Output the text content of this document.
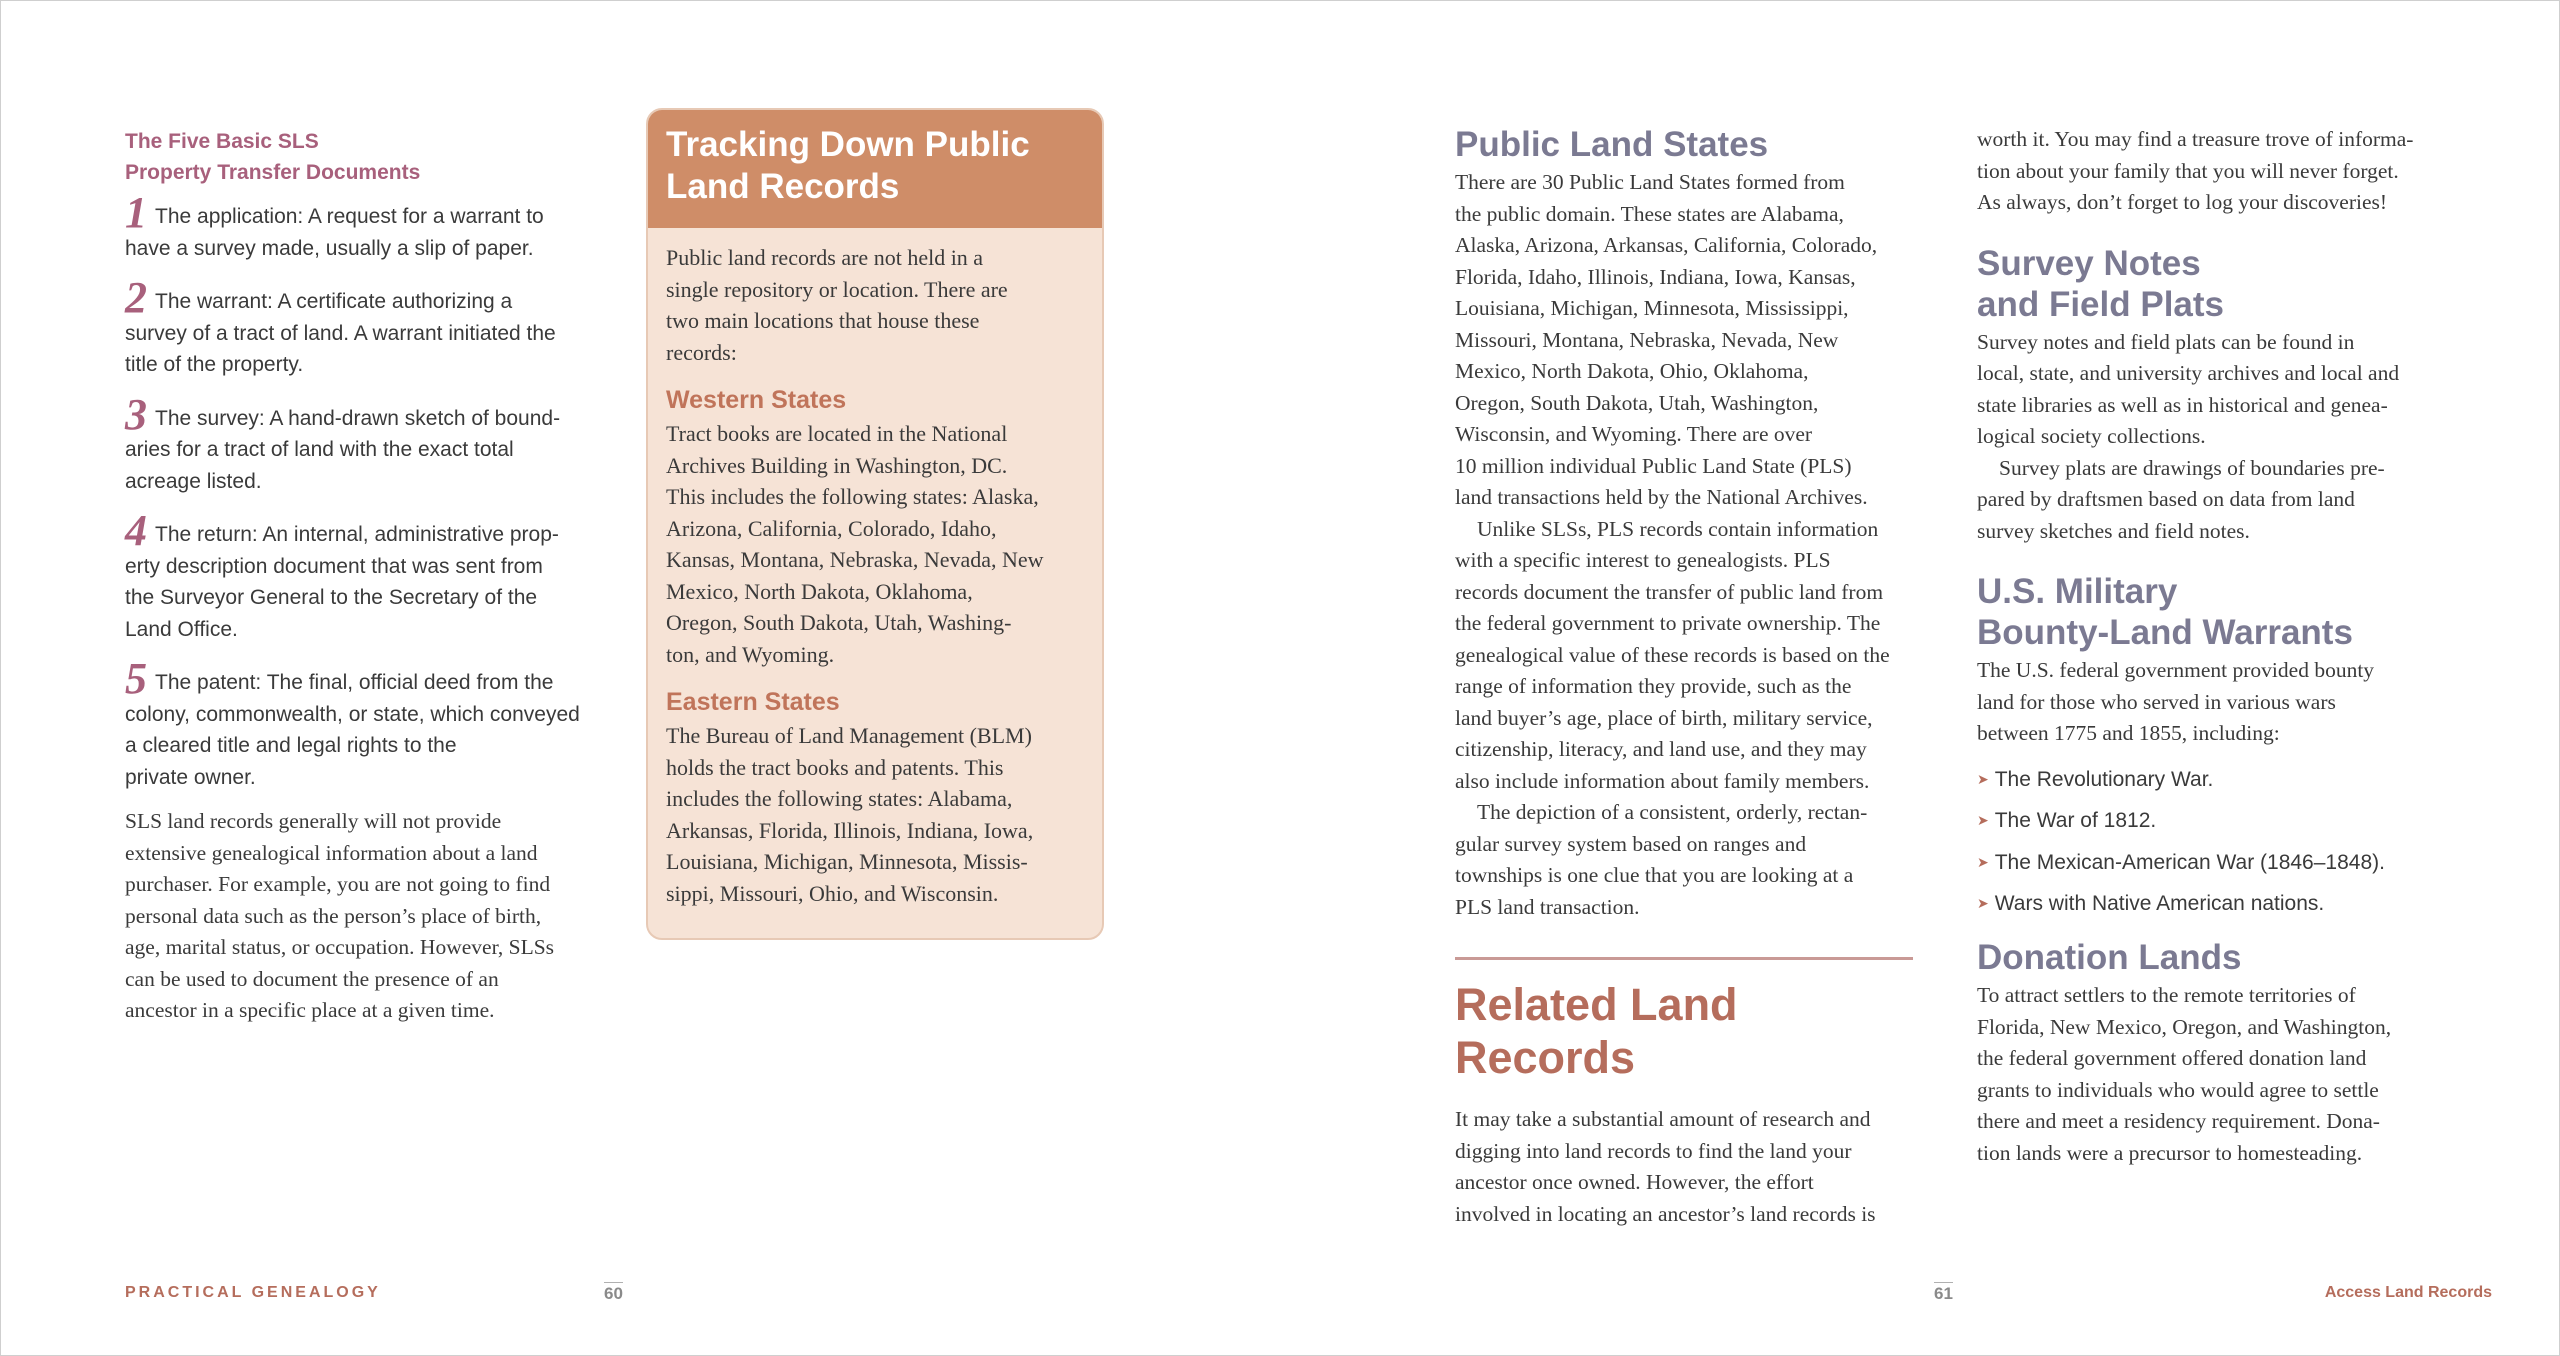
The Five Basic SLS
Property Transfer Documents
1 The application: A request for a warrant to
have a survey made, usually a slip of paper.
2 The warrant: A certificate authorizing a
survey of a tract of land. A warrant initiated the
title of the property.
3 The survey: A hand-drawn sketch of bound-
aries for a tract of land with the exact total
acreage listed.
4 The return: An internal, administrative prop-
erty description document that was sent from
the Surveyor General to the Secretary of the
Land Office.
5 The patent: The final, official deed from the
colony, commonwealth, or state, which conveyed
a cleared title and legal rights to the
private owner.
SLS land records generally will not provide
extensive genealogical information about a land
purchaser. For example, you are not going to find
personal data such as the person’s place of birth,
age, marital status, or occupation. However, SLSs
can be used to document the presence of an
ancestor in a specific place at a given time.
Tracking Down Public
Land Records
Public land records are not held in a
single repository or location. There are
two main locations that house these
records:
Western States
Tract books are located in the National
Archives Building in Washington, DC.
This includes the following states: Alaska,
Arizona, California, Colorado, Idaho,
Kansas, Montana, Nebraska, Nevada, New
Mexico, North Dakota, Oklahoma,
Oregon, South Dakota, Utah, Washing-
ton, and Wyoming.
Eastern States
The Bureau of Land Management (BLM)
holds the tract books and patents. This
includes the following states: Alabama,
Arkansas, Florida, Illinois, Indiana, Iowa,
Louisiana, Michigan, Minnesota, Missis-
sippi, Missouri, Ohio, and Wisconsin.
Public Land States
There are 30 Public Land States formed from
the public domain. These states are Alabama,
Alaska, Arizona, Arkansas, California, Colorado,
Florida, Idaho, Illinois, Indiana, Iowa, Kansas,
Louisiana, Michigan, Minnesota, Mississippi,
Missouri, Montana, Nebraska, Nevada, New
Mexico, North Dakota, Ohio, Oklahoma,
Oregon, South Dakota, Utah, Washington,
Wisconsin, and Wyoming. There are over
10 million individual Public Land State (PLS)
land transactions held by the National Archives.
Unlike SLSs, PLS records contain information
with a specific interest to genealogists. PLS
records document the transfer of public land from
the federal government to private ownership. The
genealogical value of these records is based on the
range of information they provide, such as the
land buyer’s age, place of birth, military service,
citizenship, literacy, and land use, and they may
also include information about family members.
The depiction of a consistent, orderly, rectan-
gular survey system based on ranges and
townships is one clue that you are looking at a
PLS land transaction.
Related Land
Records
It may take a substantial amount of research and
digging into land records to find the land your
ancestor once owned. However, the effort
involved in locating an ancestor’s land records is
worth it. You may find a treasure trove of informa-
tion about your family that you will never forget.
As always, don’t forget to log your discoveries!
Survey Notes
and Field Plats
Survey notes and field plats can be found in
local, state, and university archives and local and
state libraries as well as in historical and genea-
logical society collections.
Survey plats are drawings of boundaries pre-
pared by draftsmen based on data from land
survey sketches and field notes.
U.S. Military
Bounty-Land Warrants
The U.S. federal government provided bounty
land for those who served in various wars
between 1775 and 1855, including:
➤ The Revolutionary War.
➤ The War of 1812.
➤ The Mexican-American War (1846–1848).
➤ Wars with Native American nations.
Donation Lands
To attract settlers to the remote territories of
Florida, New Mexico, Oregon, and Washington,
the federal government offered donation land
grants to individuals who would agree to settle
there and meet a residency requirement. Dona-
tion lands were a precursor to homesteading.
PRACTICAL GENEALOGY	60	61	Access Land Records
